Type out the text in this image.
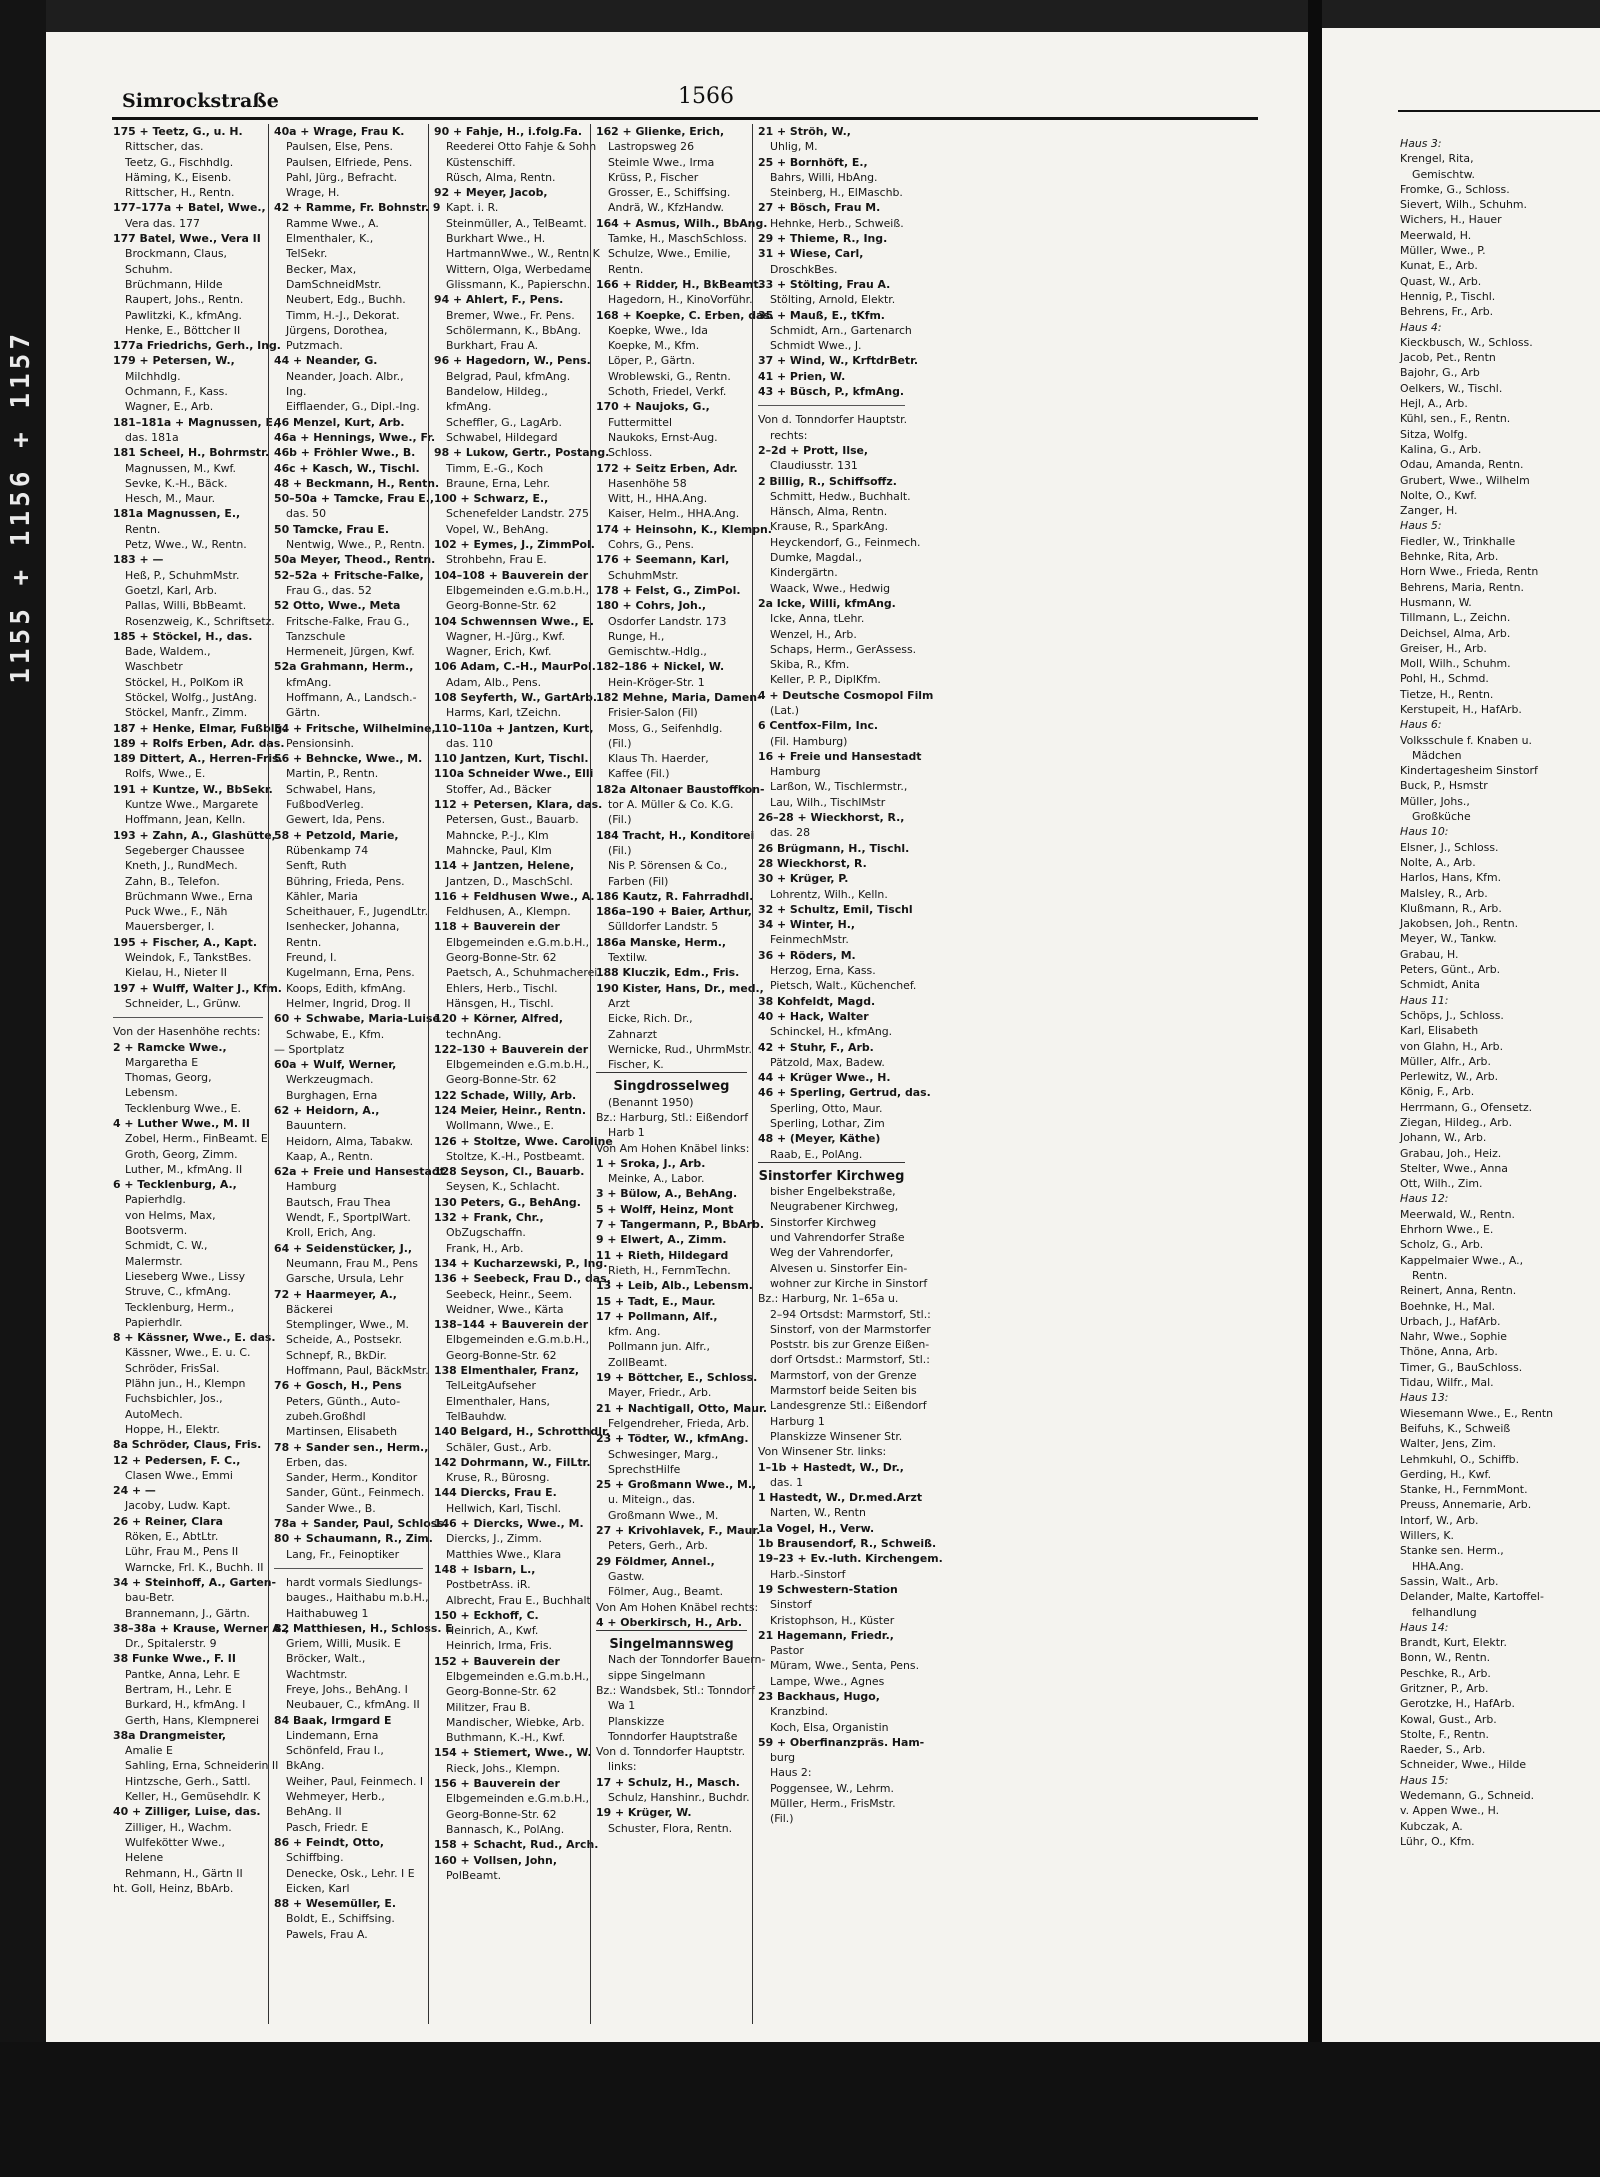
1155 + 1156 + 1157
Haus 3:
Krengel, Rita,
Gemischtw.
Fromke, G., Schloss.
Sievert, Wilh., Schuhm.
Wichers, H., Hauer
Meerwald, H.
Müller, Wwe., P.
Kunat, E., Arb.
Quast, W., Arb.
Hennig, P., Tischl.
Behrens, Fr., Arb.
Haus 4:
Kieckbusch, W., Schloss.
Jacob, Pet., Rentn
Bajohr, G., Arb
Oelkers, W., Tischl.
Hejl, A., Arb.
Kühl, sen., F., Rentn.
Sitza, Wolfg.
Kalina, G., Arb.
Odau, Amanda, Rentn.
Grubert, Wwe., Wilhelm
Nolte, O., Kwf.
Zanger, H.
Haus 5:
Fiedler, W., Trinkhalle
Behnke, Rita, Arb.
Horn Wwe., Frieda, Rentn
Behrens, Maria, Rentn.
Husmann, W.
Tillmann, L., Zeichn.
Deichsel, Alma, Arb.
Greiser, H., Arb.
Moll, Wilh., Schuhm.
Pohl, H., Schmd.
Tietze, H., Rentn.
Kerstupeit, H., HafArb.
Haus 6:
Volksschule f. Knaben u.
Mädchen
Kindertagesheim Sinstorf
Buck, P., Hsmstr
Müller, Johs.,
Großküche
Haus 10:
Elsner, J., Schloss.
Nolte, A., Arb.
Harlos, Hans, Kfm.
Malsley, R., Arb.
Klußmann, R., Arb.
Jakobsen, Joh., Rentn.
Meyer, W., Tankw.
Grabau, H.
Peters, Günt., Arb.
Schmidt, Anita
Haus 11:
Schöps, J., Schloss.
Karl, Elisabeth
von Glahn, H., Arb.
Müller, Alfr., Arb.
Perlewitz, W., Arb.
König, F., Arb.
Herrmann, G., Ofensetz.
Ziegan, Hildeg., Arb.
Johann, W., Arb.
Grabau, Joh., Heiz.
Stelter, Wwe., Anna
Ott, Wilh., Zim.
Haus 12:
Meerwald, W., Rentn.
Ehrhorn Wwe., E.
Scholz, G., Arb.
Kappelmaier Wwe., A.,
Rentn.
Reinert, Anna, Rentn.
Boehnke, H., Mal.
Urbach, J., HafArb.
Nahr, Wwe., Sophie
Thöne, Anna, Arb.
Timer, G., BauSchloss.
Tidau, Wilfr., Mal.
Haus 13:
Wiesemann Wwe., E., Rentn
Beifuhs, K., Schweiß
Walter, Jens, Zim.
Lehmkuhl, O., Schiffb.
Gerding, H., Kwf.
Stanke, H., FernmMont.
Preuss, Annemarie, Arb.
Intorf, W., Arb.
Willers, K.
Stanke sen. Herm.,
HHA.Ang.
Sassin, Walt., Arb.
Delander, Malte, Kartoffel-
felhandlung
Haus 14:
Brandt, Kurt, Elektr.
Bonn, W., Rentn.
Peschke, R., Arb.
Gritzner, P., Arb.
Gerotzke, H., HafArb.
Kowal, Gust., Arb.
Stolte, F., Rentn.
Raeder, S., Arb.
Schneider, Wwe., Hilde
Haus 15:
Wedemann, G., Schneid.
v. Appen Wwe., H.
Kubczak, A.
Lühr, O., Kfm.
Simrockstraße	1566
175 + Teetz, G., u. H.
Rittscher, das.
Teetz, G., Fischhdlg.
Häming, K., Eisenb.
Rittscher, H., Rentn.
177–177a + Batel, Wwe.,
Vera das. 177
177 Batel, Wwe., Vera II
Brockmann, Claus,
Schuhm.
Brüchmann, Hilde
Raupert, Johs., Rentn.
Pawlitzki, K., kfmAng.
Henke, E., Böttcher II
177a Friedrichs, Gerh., Ing.
179 + Petersen, W.,
Milchhdlg.
Ochmann, F., Kass.
Wagner, E., Arb.
181–181a + Magnussen, E.,
das. 181a
181 Scheel, H., Bohrmstr.
Magnussen, M., Kwf.
Sevke, K.-H., Bäck.
Hesch, M., Maur.
181a Magnussen, E.,
Rentn.
Petz, Wwe., W., Rentn.
183 + —
Heß, P., SchuhmMstr.
Goetzl, Karl, Arb.
Pallas, Willi, BbBeamt.
Rosenzweig, K., Schriftsetz.
185 + Stöckel, H., das.
Bade, Waldem.,
Waschbetr
Stöckel, H., PolKom iR
Stöckel, Wolfg., JustAng.
Stöckel, Manfr., Zimm.
187 + Henke, Elmar, Fußblg.
189 + Rolfs Erben, Adr. das.
189 Dittert, A., Herren-Fris.
Rolfs, Wwe., E.
191 + Kuntze, W., BbSekr.
Kuntze Wwe., Margarete
Hoffmann, Jean, Kelln.
193 + Zahn, A., Glashütte,
Segeberger Chaussee
Kneth, J., RundMech.
Zahn, B., Telefon.
Brüchmann Wwe., Erna
Puck Wwe., F., Näh
Mauersberger, I.
195 + Fischer, A., Kapt.
Weindok, F., TankstBes.
Kielau, H., Nieter II
197 + Wulff, Walter J., Kfm.
Schneider, L., Grünw.
Von der Hasenhöhe rechts:
2 + Ramcke Wwe.,
Margaretha E
Thomas, Georg,
Lebensm.
Tecklenburg Wwe., E.
4 + Luther Wwe., M. II
Zobel, Herm., FinBeamt. E
Groth, Georg, Zimm.
Luther, M., kfmAng. II
6 + Tecklenburg, A.,
Papierhdlg.
von Helms, Max,
Bootsverm.
Schmidt, C. W.,
Malermstr.
Lieseberg Wwe., Lissy
Struve, C., kfmAng.
Tecklenburg, Herm.,
Papierhdlr.
8 + Kässner, Wwe., E. das.
Kässner, Wwe., E. u. C.
Schröder, FrisSal.
Plähn jun., H., Klempn
Fuchsbichler, Jos.,
AutoMech.
Hoppe, H., Elektr.
8a Schröder, Claus, Fris.
12 + Pedersen, F. C.,
Clasen Wwe., Emmi
24 + —
Jacoby, Ludw. Kapt.
26 + Reiner, Clara
Röken, E., AbtLtr.
Lühr, Frau M., Pens II
Warncke, Frl. K., Buchh. II
34 + Steinhoff, A., Garten-
bau-Betr.
Brannemann, J., Gärtn.
38–38a + Krause, Werner A.,
Dr., Spitalerstr. 9
38 Funke Wwe., F. II
Pantke, Anna, Lehr. E
Bertram, H., Lehr. E
Burkard, H., kfmAng. I
Gerth, Hans, Klempnerei
38a Drangmeister,
Amalie E
Sahling, Erna, Schneiderin II
Hintzsche, Gerh., Sattl.
Keller, H., Gemüsehdlr. K
40 + Zilliger, Luise, das.
Zilliger, H., Wachm.
Wulfekötter Wwe.,
Helene
Rehmann, H., Gärtn II
ht. Goll, Heinz, BbArb.
40a + Wrage, Frau K.
Paulsen, Else, Pens.
Paulsen, Elfriede, Pens.
Pahl, Jürg., Befracht.
Wrage, H.
42 + Ramme, Fr. Bohnstr. 9
Ramme Wwe., A.
Elmenthaler, K.,
TelSekr.
Becker, Max,
DamSchneidMstr.
Neubert, Edg., Buchh.
Timm, H.-J., Dekorat.
Jürgens, Dorothea,
Putzmach.
44 + Neander, G.
Neander, Joach. Albr.,
Ing.
Eifflaender, G., Dipl.-Ing.
46 Menzel, Kurt, Arb.
46a + Hennings, Wwe., Fr.
46b + Fröhler Wwe., B.
46c + Kasch, W., Tischl.
48 + Beckmann, H., Rentn.
50–50a + Tamcke, Frau E.,
das. 50
50 Tamcke, Frau E.
Nentwig, Wwe., P., Rentn.
50a Meyer, Theod., Rentn.
52–52a + Fritsche-Falke,
Frau G., das. 52
52 Otto, Wwe., Meta
Fritsche-Falke, Frau G.,
Tanzschule
Hermeneit, Jürgen, Kwf.
52a Grahmann, Herm.,
kfmAng.
Hoffmann, A., Landsch.-
Gärtn.
54 + Fritsche, Wilhelmine,
Pensionsinh.
56 + Behncke, Wwe., M.
Martin, P., Rentn.
Schwabel, Hans,
FußbodVerleg.
Gewert, Ida, Pens.
58 + Petzold, Marie,
Rübenkamp 74
Senft, Ruth
Bühring, Frieda, Pens.
Kähler, Maria
Scheithauer, F., JugendLtr.
Isenhecker, Johanna,
Rentn.
Freund, I.
Kugelmann, Erna, Pens.
Koops, Edith, kfmAng.
Helmer, Ingrid, Drog. II
60 + Schwabe, Maria-Luise
Schwabe, E., Kfm.
— Sportplatz
60a + Wulf, Werner,
Werkzeugmach.
Burghagen, Erna
62 + Heidorn, A.,
Bauuntern.
Heidorn, Alma, Tabakw.
Kaap, A., Rentn.
62a + Freie und Hansestadt
Hamburg
Bautsch, Frau Thea
Wendt, F., SportplWart.
Kroll, Erich, Ang.
64 + Seidenstücker, J.,
Neumann, Frau M., Pens
Garsche, Ursula, Lehr
72 + Haarmeyer, A.,
Bäckerei
Stemplinger, Wwe., M.
Scheide, A., Postsekr.
Schnepf, R., BkDir.
Hoffmann, Paul, BäckMstr.
76 + Gosch, H., Pens
Peters, Günth., Auto-
zubeh.Großhdl
Martinsen, Elisabeth
78 + Sander sen., Herm.,
Erben, das.
Sander, Herm., Konditor
Sander, Günt., Feinmech.
Sander Wwe., B.
78a + Sander, Paul, Schloss.
80 + Schaumann, R., Zim.
Lang, Fr., Feinoptiker
hardt vormals Siedlungs-
bauges., Haithabu m.b.H.,
Haithabuweg 1
82 Matthiesen, H., Schloss. E
Griem, Willi, Musik. E
Bröcker, Walt.,
Wachtmstr.
Freye, Johs., BehAng. I
Neubauer, C., kfmAng. II
84 Baak, Irmgard E
Lindemann, Erna
Schönfeld, Frau I.,
BkAng.
Weiher, Paul, Feinmech. I
Wehmeyer, Herb.,
BehAng. II
Pasch, Friedr. E
86 + Feindt, Otto,
Schiffbing.
Denecke, Osk., Lehr. I E
Eicken, Karl
88 + Wesemüller, E.
Boldt, E., Schiffsing.
Pawels, Frau A.
90 + Fahje, H., i.folg.Fa.
Reederei Otto Fahje & Sohn
Küstenschiff.
Rüsch, Alma, Rentn.
92 + Meyer, Jacob,
Kapt. i. R.
Steinmüller, A., TelBeamt.
Burkhart Wwe., H.
HartmannWwe., W., Rentn K
Wittern, Olga, Werbedame
Glissmann, K., Papierschn.
94 + Ahlert, F., Pens.
Bremer, Wwe., Fr. Pens.
Schölermann, K., BbAng.
Burkhart, Frau A.
96 + Hagedorn, W., Pens.
Belgrad, Paul, kfmAng.
Bandelow, Hildeg.,
kfmAng.
Scheffler, G., LagArb.
Schwabel, Hildegard
98 + Lukow, Gertr., Postang.
Timm, E.-G., Koch
Braune, Erna, Lehr.
100 + Schwarz, E.,
Schenefelder Landstr. 275
Vopel, W., BehAng.
102 + Eymes, J., ZimmPol.
Strohbehn, Frau E.
104–108 + Bauverein der
Elbgemeinden e.G.m.b.H.,
Georg-Bonne-Str. 62
104 Schwennsen Wwe., E.
Wagner, H.-Jürg., Kwf.
Wagner, Erich, Kwf.
106 Adam, C.-H., MaurPol.
Adam, Alb., Pens.
108 Seyferth, W., GartArb.
Harms, Karl, tZeichn.
110–110a + Jantzen, Kurt,
das. 110
110 Jantzen, Kurt, Tischl.
110a Schneider Wwe., Elli
Stoffer, Ad., Bäcker
112 + Petersen, Klara, das.
Petersen, Gust., Bauarb.
Mahncke, P.-J., Klm
Mahncke, Paul, Klm
114 + Jantzen, Helene,
Jantzen, D., MaschSchl.
116 + Feldhusen Wwe., A.
Feldhusen, A., Klempn.
118 + Bauverein der
Elbgemeinden e.G.m.b.H.,
Georg-Bonne-Str. 62
Paetsch, A., Schuhmacherei
Ehlers, Herb., Tischl.
Hänsgen, H., Tischl.
120 + Körner, Alfred,
technAng.
122–130 + Bauverein der
Elbgemeinden e.G.m.b.H.,
Georg-Bonne-Str. 62
122 Schade, Willy, Arb.
124 Meier, Heinr., Rentn.
Wollmann, Wwe., E.
126 + Stoltze, Wwe. Caroline
Stoltze, K.-H., Postbeamt.
128 Seyson, Cl., Bauarb.
Seysen, K., Schlacht.
130 Peters, G., BehAng.
132 + Frank, Chr.,
ObZugschaffn.
Frank, H., Arb.
134 + Kucharzewski, P., Ing.
136 + Seebeck, Frau D., das.
Seebeck, Heinr., Seem.
Weidner, Wwe., Kärta
138–144 + Bauverein der
Elbgemeinden e.G.m.b.H.,
Georg-Bonne-Str. 62
138 Elmenthaler, Franz,
TelLeitgAufseher
Elmenthaler, Hans,
TelBauhdw.
140 Belgard, H., Schrotthdlr.
Schäler, Gust., Arb.
142 Dohrmann, W., FilLtr.
Kruse, R., Bürosng.
144 Diercks, Frau E.
Hellwich, Karl, Tischl.
146 + Diercks, Wwe., M.
Diercks, J., Zimm.
Matthies Wwe., Klara
148 + Isbarn, L.,
PostbetrAss. iR.
Albrecht, Frau E., Buchhalt
150 + Eckhoff, C.
Heinrich, A., Kwf.
Heinrich, Irma, Fris.
152 + Bauverein der
Elbgemeinden e.G.m.b.H.,
Georg-Bonne-Str. 62
Militzer, Frau B.
Mandischer, Wiebke, Arb.
Buthmann, K.-H., Kwf.
154 + Stiemert, Wwe., W.
Rieck, Johs., Klempn.
156 + Bauverein der
Elbgemeinden e.G.m.b.H.,
Georg-Bonne-Str. 62
Bannasch, K., PolAng.
158 + Schacht, Rud., Arch.
160 + Vollsen, John,
PolBeamt.
162 + Glienke, Erich,
Lastropsweg 26
Steimle Wwe., Irma
Krüss, P., Fischer
Grosser, E., Schiffsing.
Andrä, W., KfzHandw.
164 + Asmus, Wilh., BbAng.
Tamke, H., MaschSchloss.
Schulze, Wwe., Emilie,
Rentn.
166 + Ridder, H., BkBeamt.
Hagedorn, H., KinoVorführ.
168 + Koepke, C. Erben, das.
Koepke, Wwe., Ida
Koepke, M., Kfm.
Löper, P., Gärtn.
Wroblewski, G., Rentn.
Schoth, Friedel, Verkf.
170 + Naujoks, G.,
Futtermittel
Naukoks, Ernst-Aug.
Schloss.
172 + Seitz Erben, Adr.
Hasenhöhe 58
Witt, H., HHA.Ang.
Kaiser, Helm., HHA.Ang.
174 + Heinsohn, K., Klempn.
Cohrs, G., Pens.
176 + Seemann, Karl,
SchuhmMstr.
178 + Felst, G., ZimPol.
180 + Cohrs, Joh.,
Osdorfer Landstr. 173
Runge, H.,
Gemischtw.-Hdlg.,
182–186 + Nickel, W.
Hein-Kröger-Str. 1
182 Mehne, Maria, Damen-
Frisier-Salon (Fil)
Moss, G., Seifenhdlg.
(Fil.)
Klaus Th. Haerder,
Kaffee (Fil.)
182a Altonaer Baustoffkon-
tor A. Müller & Co. K.G.
(Fil.)
184 Tracht, H., Konditorei
(Fil.)
Nis P. Sörensen & Co.,
Farben (Fil)
186 Kautz, R. Fahrradhdl.
186a–190 + Baier, Arthur,
Sülldorfer Landstr. 5
186a Manske, Herm.,
Textilw.
188 Kluczik, Edm., Fris.
190 Kister, Hans, Dr., med.,
Arzt
Eicke, Rich. Dr.,
Zahnarzt
Wernicke, Rud., UhrmMstr.
Fischer, K.
Singdrosselweg
(Benannt 1950)
Bz.: Harburg, Stl.: Eißendorf
Harb 1
Von Am Hohen Knäbel links:
1 + Sroka, J., Arb.
Meinke, A., Labor.
3 + Bülow, A., BehAng.
5 + Wolff, Heinz, Mont
7 + Tangermann, P., BbArb.
9 + Elwert, A., Zimm.
11 + Rieth, Hildegard
Rieth, H., FernmTechn.
13 + Leib, Alb., Lebensm.
15 + Tadt, E., Maur.
17 + Pollmann, Alf.,
kfm. Ang.
Pollmann jun. Alfr.,
ZollBeamt.
19 + Böttcher, E., Schloss.
Mayer, Friedr., Arb.
21 + Nachtigall, Otto, Maur.
Felgendreher, Frieda, Arb.
23 + Tödter, W., kfmAng.
Schwesinger, Marg.,
SprechstHilfe
25 + Großmann Wwe., M.,
u. Miteign., das.
Großmann Wwe., M.
27 + Krivohlavek, F., Maur.
Peters, Gerh., Arb.
29 Földmer, Annel.,
Gastw.
Fölmer, Aug., Beamt.
Von Am Hohen Knäbel rechts:
4 + Oberkirsch, H., Arb.
Singelmannsweg
Nach der Tonndorfer Bauern-
sippe Singelmann
Bz.: Wandsbek, Stl.: Tonndorf
Wa 1
Planskizze
Tonndorfer Hauptstraße
Von d. Tonndorfer Hauptstr.
links:
17 + Schulz, H., Masch.
Schulz, Hanshinr., Buchdr.
19 + Krüger, W.
Schuster, Flora, Rentn.
21 + Ströh, W.,
Uhlig, M.
25 + Bornhöft, E.,
Bahrs, Willi, HbAng.
Steinberg, H., ElMaschb.
27 + Bösch, Frau M.
Hehnke, Herb., Schweiß.
29 + Thieme, R., Ing.
31 + Wiese, Carl,
DroschkBes.
33 + Stölting, Frau A.
Stölting, Arnold, Elektr.
35 + Mauß, E., tKfm.
Schmidt, Arn., Gartenarch
Schmidt Wwe., J.
37 + Wind, W., KrftdrBetr.
41 + Prien, W.
43 + Büsch, P., kfmAng.
Von d. Tonndorfer Hauptstr.
rechts:
2–2d + Prott, Ilse,
Claudiusstr. 131
2 Billig, R., Schiffsoffz.
Schmitt, Hedw., Buchhalt.
Hänsch, Alma, Rentn.
Krause, R., SparkAng.
Heyckendorf, G., Feinmech.
Dumke, Magdal.,
Kindergärtn.
Waack, Wwe., Hedwig
2a Icke, Willi, kfmAng.
Icke, Anna, tLehr.
Wenzel, H., Arb.
Schaps, Herm., GerAssess.
Skiba, R., Kfm.
Keller, P. P., DiplKfm.
4 + Deutsche Cosmopol Film
(Lat.)
6 Centfox-Film, Inc.
(Fil. Hamburg)
16 + Freie und Hansestadt
Hamburg
Larßon, W., Tischlermstr.,
Lau, Wilh., TischlMstr
26–28 + Wieckhorst, R.,
das. 28
26 Brügmann, H., Tischl.
28 Wieckhorst, R.
30 + Krüger, P.
Lohrentz, Wilh., Kelln.
32 + Schultz, Emil, Tischl
34 + Winter, H.,
FeinmechMstr.
36 + Röders, M.
Herzog, Erna, Kass.
Pietsch, Walt., Küchenchef.
38 Kohfeldt, Magd.
40 + Hack, Walter
Schinckel, H., kfmAng.
42 + Stuhr, F., Arb.
Pätzold, Max, Badew.
44 + Krüger Wwe., H.
46 + Sperling, Gertrud, das.
Sperling, Otto, Maur.
Sperling, Lothar, Zim
48 + (Meyer, Käthe)
Raab, E., PolAng.
Sinstorfer Kirchweg
bisher Engelbekstraße,
Neugrabener Kirchweg,
Sinstorfer Kirchweg
und Vahrendorfer Straße
Weg der Vahrendorfer,
Alvesen u. Sinstorfer Ein-
wohner zur Kirche in Sinstorf
Bz.: Harburg, Nr. 1–65a u.
2–94 Ortsdst: Marmstorf, Stl.:
Sinstorf, von der Marmstorfer
Poststr. bis zur Grenze Eißen-
dorf Ortsdst.: Marmstorf, Stl.:
Marmstorf, von der Grenze
Marmstorf beide Seiten bis
Landesgrenze Stl.: Eißendorf
Harburg 1
Planskizze Winsener Str.
Von Winsener Str. links:
1–1b + Hastedt, W., Dr.,
das. 1
1 Hastedt, W., Dr.med.Arzt
Narten, W., Rentn
1a Vogel, H., Verw.
1b Brausendorf, R., Schweiß.
19–23 + Ev.-luth. Kirchengem.
Harb.-Sinstorf
19 Schwestern-Station
Sinstorf
Kristophson, H., Küster
21 Hagemann, Friedr.,
Pastor
Müram, Wwe., Senta, Pens.
Lampe, Wwe., Agnes
23 Backhaus, Hugo,
Kranzbind.
Koch, Elsa, Organistin
59 + Oberfinanzpräs. Ham-
burg
Haus 2:
Poggensee, W., Lehrm.
Müller, Herm., FrisMstr.
(Fil.)
